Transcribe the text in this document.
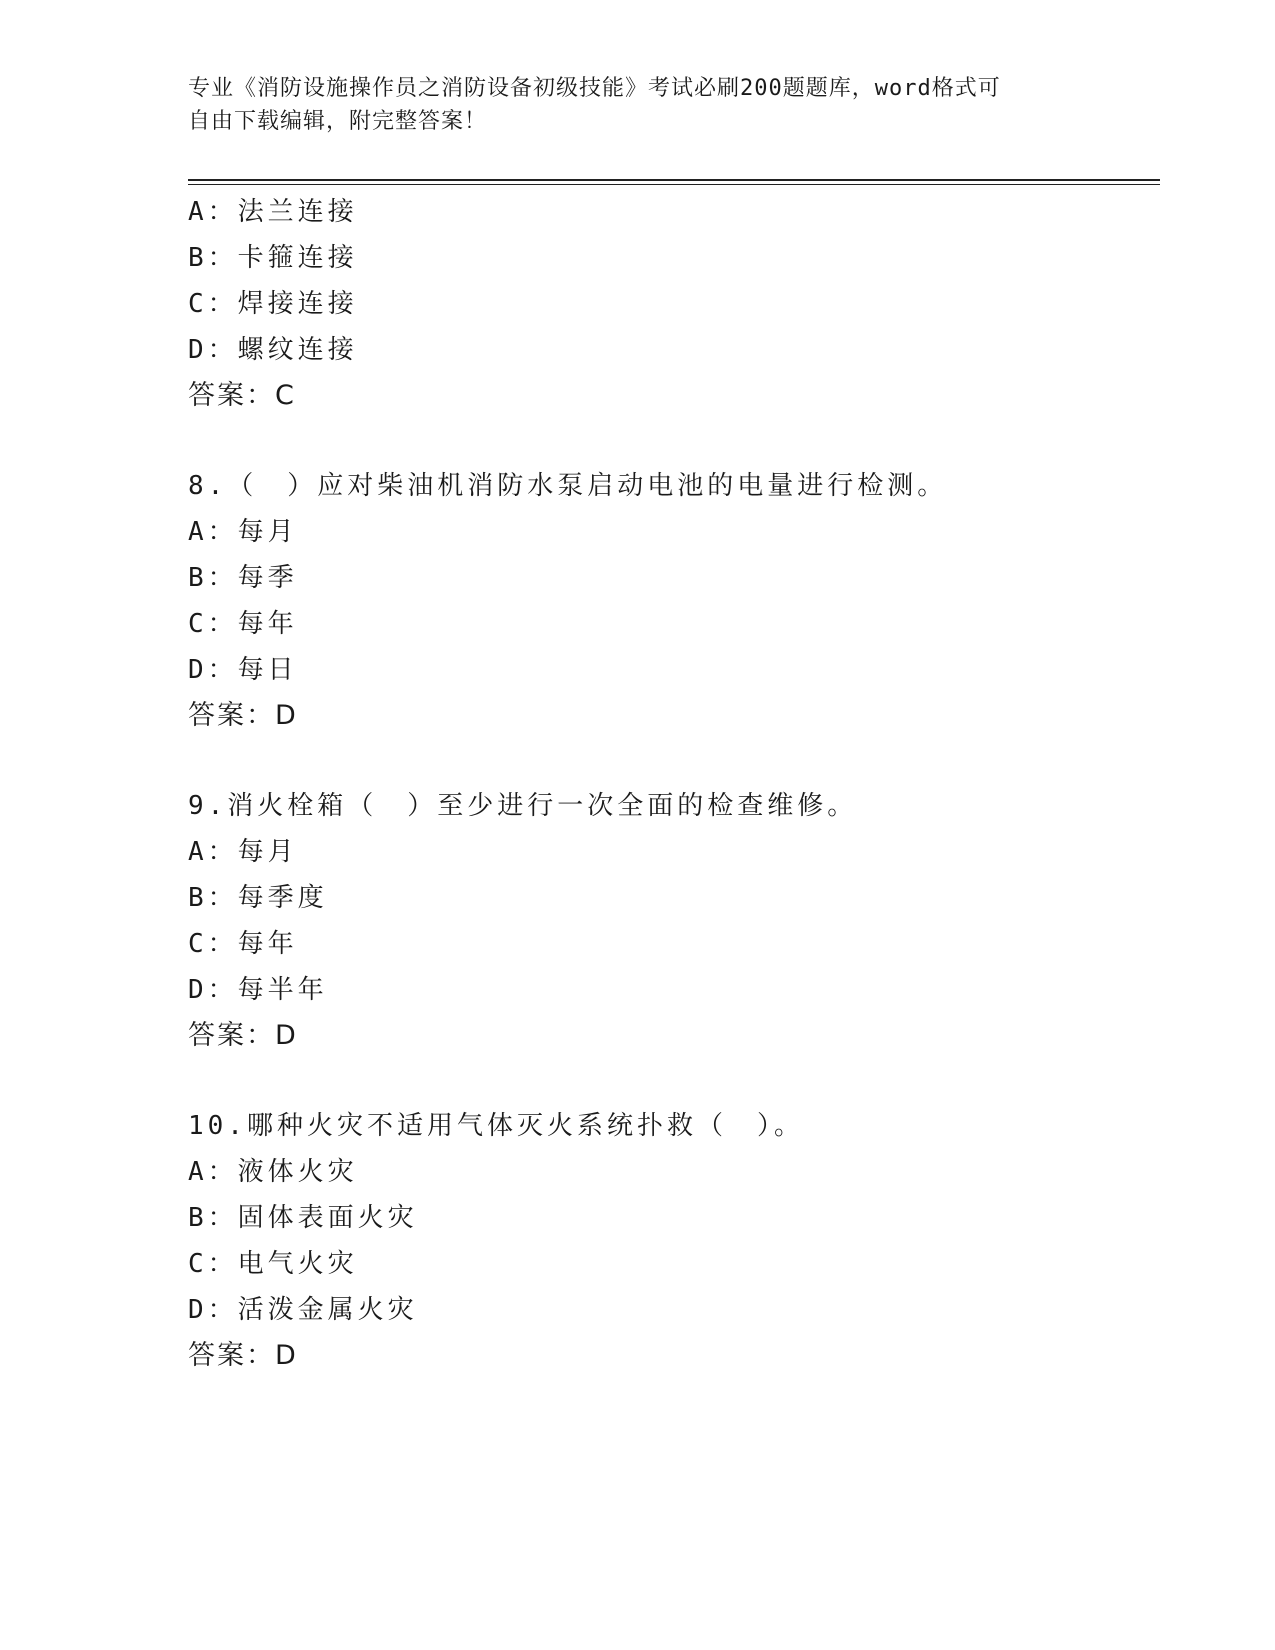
专业《消防设施操作员之消防设备初级技能》考试必刷200题题库，word格式可
自由下载编辑，附完整答案！
A：法兰连接
B：卡箍连接
C：焊接连接
D：螺纹连接
答案：C
8.（　）应对柴油机消防水泵启动电池的电量进行检测。
A：每月
B：每季
C：每年
D：每日
答案：D
9.消火栓箱（　）至少进行一次全面的检查维修。
A：每月
B：每季度
C：每年
D：每半年
答案：D
10.哪种火灾不适用气体灭火系统扑救（　）。
A：液体火灾
B：固体表面火灾
C：电气火灾
D：活泼金属火灾
答案：D
